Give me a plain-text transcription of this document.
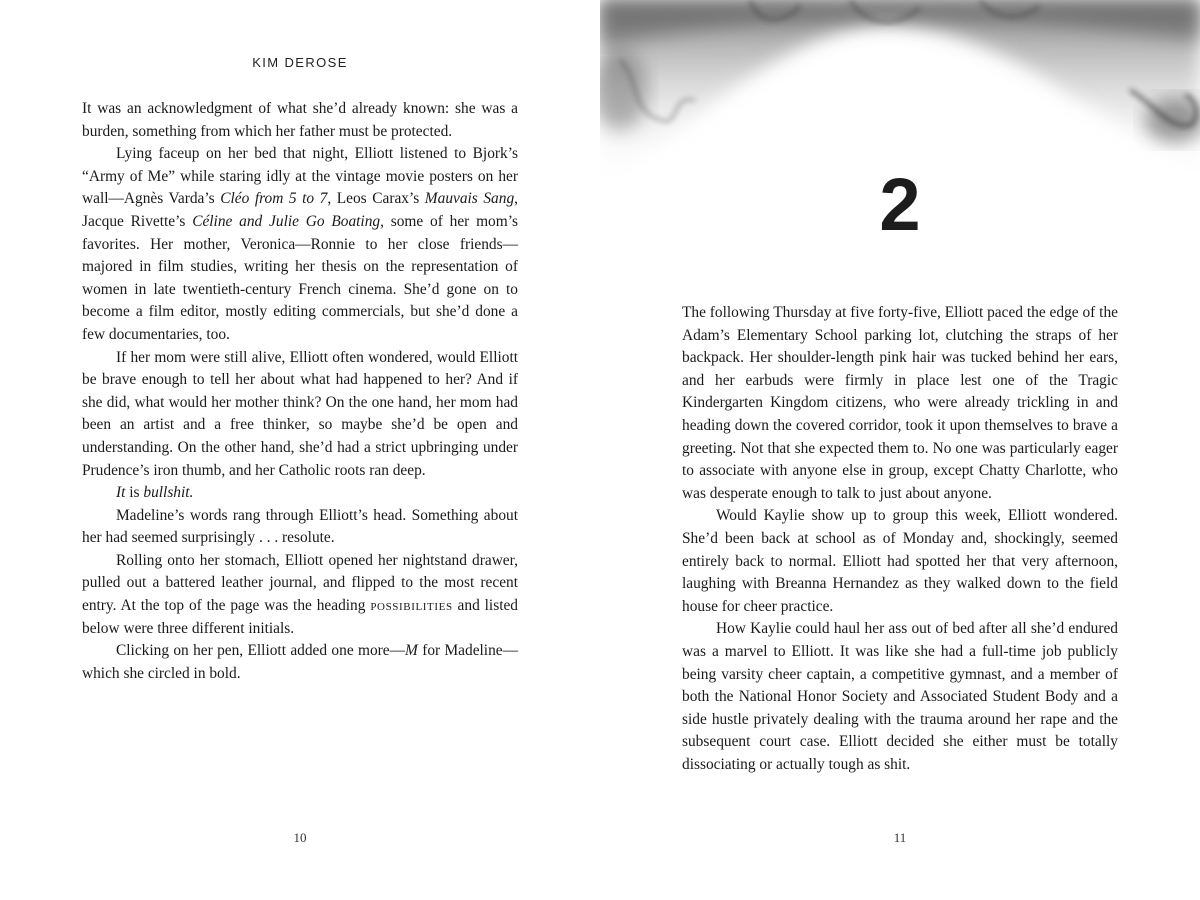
KIM DEROSE

It was an acknowledgment of what she’d already known: she was a burden, something from which her father must be protected.

Lying faceup on her bed that night, Elliott listened to Bjork’s “Army of Me” while staring idly at the vintage movie posters on her wall—Agnès Varda’s Cléo from 5 to 7, Leos Carax’s Mauvais Sang, Jacque Rivette’s Céline and Julie Go Boating, some of her mom’s favorites. Her mother, Veronica—Ronnie to her close friends—majored in film studies, writing her thesis on the representation of women in late twentieth-century French cinema. She’d gone on to become a film editor, mostly editing commercials, but she’d done a few documentaries, too.

If her mom were still alive, Elliott often wondered, would Elliott be brave enough to tell her about what had happened to her? And if she did, what would her mother think? On the one hand, her mom had been an artist and a free thinker, so maybe she’d be open and understanding. On the other hand, she’d had a strict upbringing under Prudence’s iron thumb, and her Catholic roots ran deep.

It is bullshit.

Madeline’s words rang through Elliott’s head. Something about her had seemed surprisingly . . . resolute.

Rolling onto her stomach, Elliott opened her nightstand drawer, pulled out a battered leather journal, and flipped to the most recent entry. At the top of the page was the heading possibilities and listed below were three different initials.

Clicking on her pen, Elliott added one more—M for Madeline—which she circled in bold.

10
2

The following Thursday at five forty-five, Elliott paced the edge of the Adam’s Elementary School parking lot, clutching the straps of her backpack. Her shoulder-length pink hair was tucked behind her ears, and her earbuds were firmly in place lest one of the Tragic Kindergarten Kingdom citizens, who were already trickling in and heading down the covered corridor, took it upon themselves to brave a greeting. Not that she expected them to. No one was particularly eager to associate with anyone else in group, except Chatty Charlotte, who was desperate enough to talk to just about anyone.

Would Kaylie show up to group this week, Elliott wondered. She’d been back at school as of Monday and, shockingly, seemed entirely back to normal. Elliott had spotted her that very afternoon, laughing with Breanna Hernandez as they walked down to the field house for cheer practice.

How Kaylie could haul her ass out of bed after all she’d endured was a marvel to Elliott. It was like she had a full-time job publicly being varsity cheer captain, a competitive gymnast, and a member of both the National Honor Society and Associated Student Body and a side hustle privately dealing with the trauma around her rape and the subsequent court case. Elliott decided she either must be totally dissociating or actually tough as shit.

11
